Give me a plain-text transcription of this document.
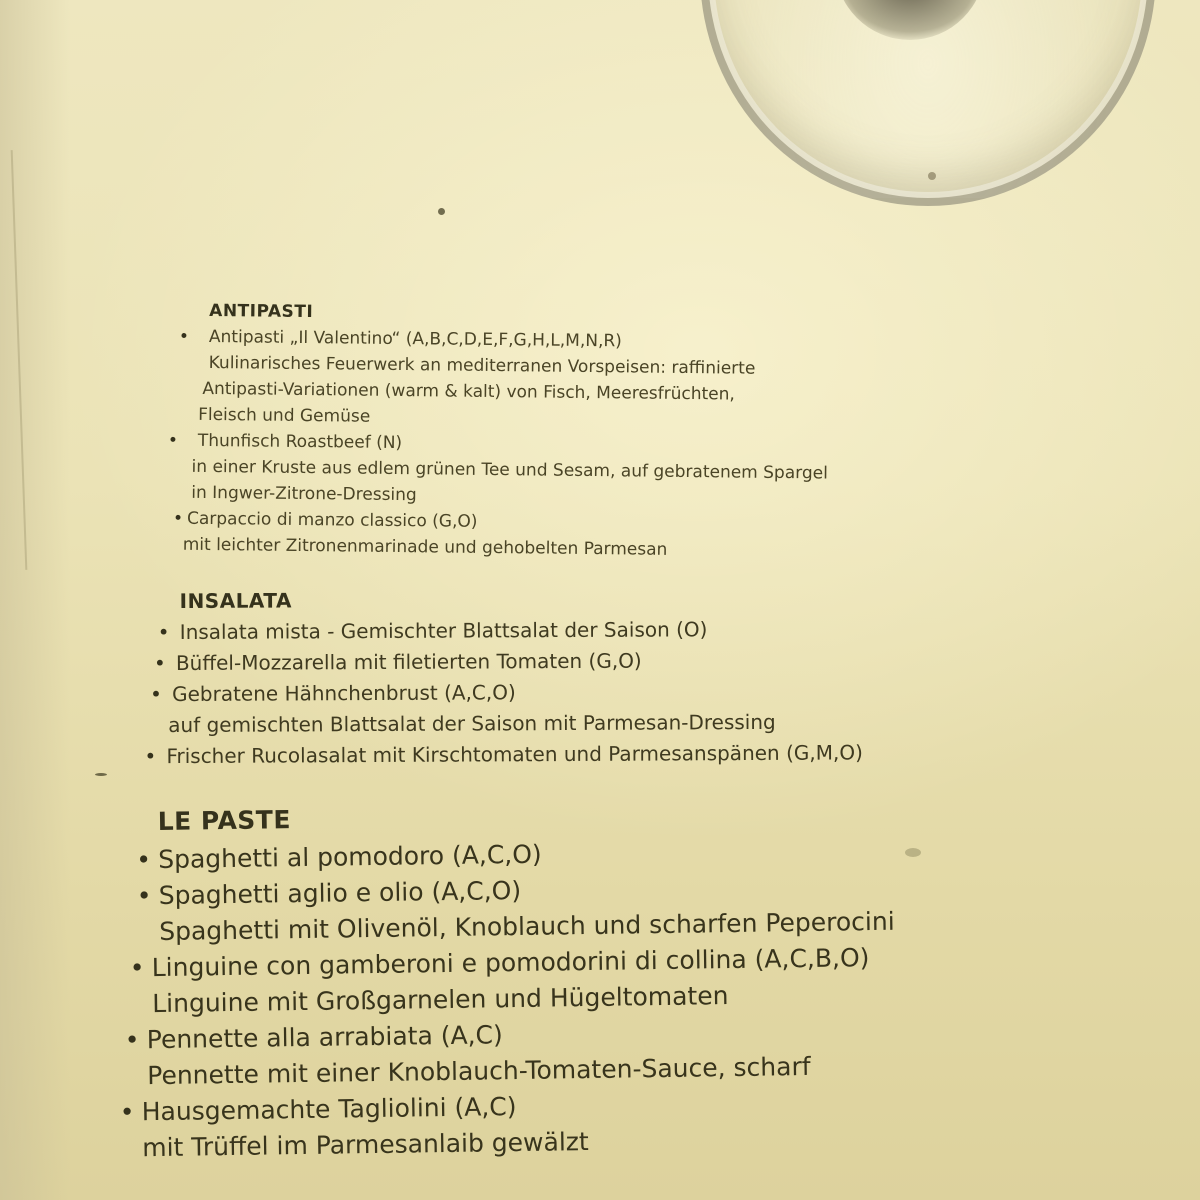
ANTIPASTI
• Antipasti „Il Valentino“ (A,B,C,D,E,F,G,H,L,M,N,R)
Kulinarisches Feuerwerk an mediterranen Vorspeisen: raffinierte
Antipasti-Variationen (warm & kalt) von Fisch, Meeresfrüchten,
Fleisch und Gemüse
• Thunfisch Roastbeef (N)
in einer Kruste aus edlem grünen Tee und Sesam, auf gebratenem Spargel
in Ingwer-Zitrone-Dressing
• Carpaccio di manzo classico (G,O)
mit leichter Zitronenmarinade und gehobelten Parmesan
INSALATA
• Insalata mista - Gemischter Blattsalat der Saison (O)
• Büffel-Mozzarella mit filetierten Tomaten (G,O)
• Gebratene Hähnchenbrust (A,C,O)
auf gemischten Blattsalat der Saison mit Parmesan-Dressing
• Frischer Rucolasalat mit Kirschtomaten und Parmesanspänen (G,M,O)
LE PASTE
• Spaghetti al pomodoro (A,C,O)
• Spaghetti aglio e olio (A,C,O)
Spaghetti mit Olivenöl, Knoblauch und scharfen Peperocini
• Linguine con gamberoni e pomodorini di collina (A,C,B,O)
Linguine mit Großgarnelen und Hügeltomaten
• Pennette alla arrabiata (A,C)
Pennette mit einer Knoblauch-Tomaten-Sauce, scharf
• Hausgemachte Tagliolini (A,C)
mit Trüffel im Parmesanlaib gewälzt
